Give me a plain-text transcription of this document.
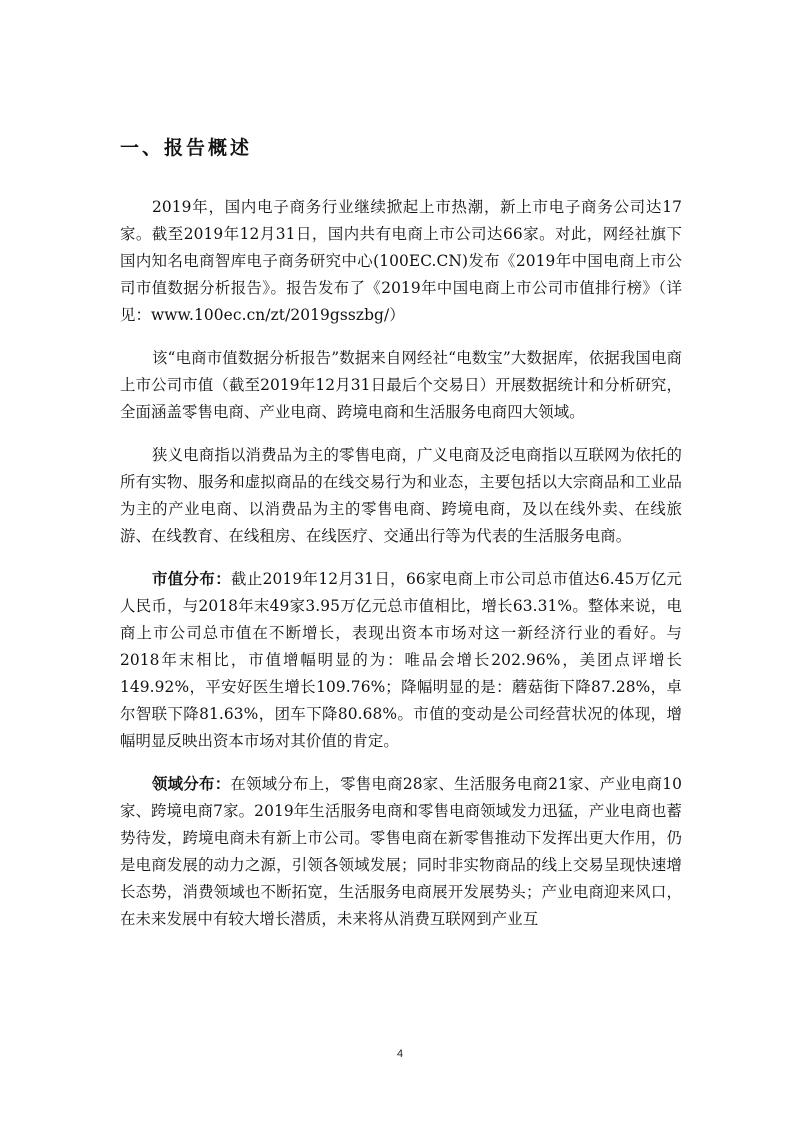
一、报告概述

2019年，国内电子商务行业继续掀起上市热潮，新上市电子商务公司达17家。截至2019年12月31日，国内共有电商上市公司达66家。对此，网经社旗下国内知名电商智库电子商务研究中心(100EC.CN)发布《2019年中国电商上市公司市值数据分析报告》。报告发布了《2019年中国电商上市公司市值排行榜》（详见：www.100ec.cn/zt/2019gsszbg/）

该“电商市值数据分析报告”数据来自网经社“电数宝”大数据库，依据我国电商上市公司市值（截至2019年12月31日最后个交易日）开展数据统计和分析研究，全面涵盖零售电商、产业电商、跨境电商和生活服务电商四大领域。

狭义电商指以消费品为主的零售电商，广义电商及泛电商指以互联网为依托的所有实物、服务和虚拟商品的在线交易行为和业态，主要包括以大宗商品和工业品为主的产业电商、以消费品为主的零售电商、跨境电商，及以在线外卖、在线旅游、在线教育、在线租房、在线医疗、交通出行等为代表的生活服务电商。

市值分布：截止2019年12月31日，66家电商上市公司总市值达6.45万亿元人民币，与2018年末49家3.95万亿元总市值相比，增长63.31%。整体来说，电商上市公司总市值在不断增长，表现出资本市场对这一新经济行业的看好。与2018年末相比，市值增幅明显的为：唯品会增长202.96%，美团点评增长149.92%，平安好医生增长109.76%；降幅明显的是：蘑菇街下降87.28%，卓尔智联下降81.63%，团车下降80.68%。市值的变动是公司经营状况的体现，增幅明显反映出资本市场对其价值的肯定。

领域分布：在领域分布上，零售电商28家、生活服务电商21家、产业电商10家、跨境电商7家。2019年生活服务电商和零售电商领域发力迅猛，产业电商也蓄势待发，跨境电商未有新上市公司。零售电商在新零售推动下发挥出更大作用，仍是电商发展的动力之源，引领各领域发展；同时非实物商品的线上交易呈现快速增长态势，消费领域也不断拓宽，生活服务电商展开发展势头；产业电商迎来风口，在未来发展中有较大增长潜质，未来将从消费互联网到产业互

4
